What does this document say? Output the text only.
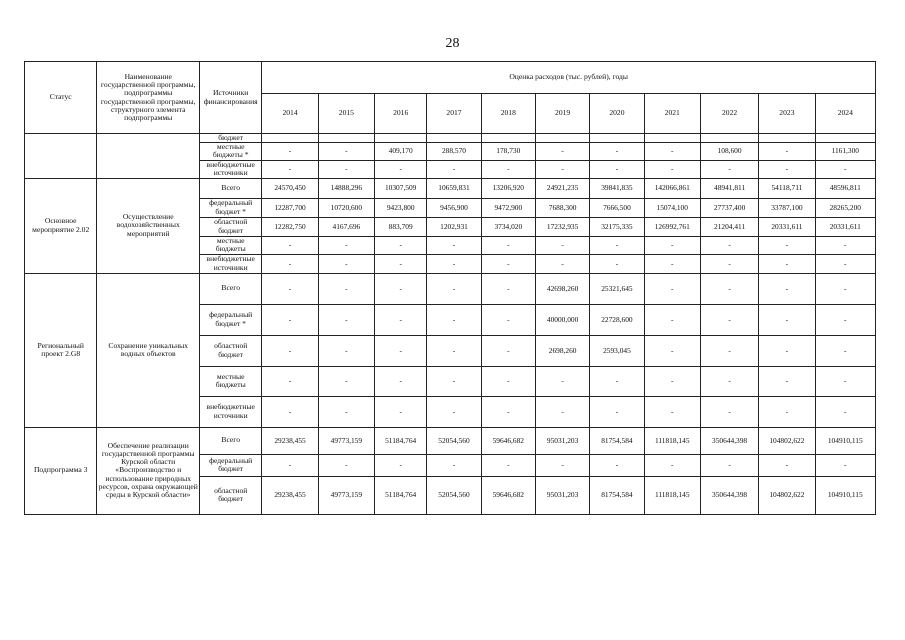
28
Статус	Наименование государственной программы, подпрограммы государственной программы, структурного элемента подпрограммы	Источники финансирования	Оценка расходов (тыс. рублей), годы										
			2014	2015	2016	2017	2018	2019	2020	2021	2022	2023	2024
		бюджет											
		местные бюджеты *	-	-	409,170	288,570	178,730	-	-	-	108,600	-	1161,300
		внебюджетные источники	-	-	-	-	-	-	-	-	-	-	-
Основное мероприятие 2.02	Осуществление водохозяйственных мероприятий	Всего	24570,450	14888,296	10307,509	10659,831	13206,920	24921,235	39841,835	142066,861	48941,811	54118,711	48596,811
		федеральный бюджет *	12287,700	10720,600	9423,800	9456,900	9472,900	7688,300	7666,500	15074,100	27737,400	33787,100	28265,200
		областной бюджет	12282,750	4167,696	883,709	1202,931	3734,020	17232,935	32175,335	126992,761	21204,411	20331,611	20331,611
		местные бюджеты	-	-	-	-	-	-	-	-	-	-	-
		внебюджетные источники	-	-	-	-	-	-	-	-	-	-	-
Региональный проект 2.G8	Сохранение уникальных водных объектов	Всего	-	-	-	-	-	42698,260	25321,645	-	-	-	-
		федеральный бюджет *	-	-	-	-	-	40000,000	22728,600	-	-	-	-
		областной бюджет	-	-	-	-	-	2698,260	2593,045	-	-	-	-
		местные бюджеты	-	-	-	-	-	-	-	-	-	-	-
		внебюджетные источники	-	-	-	-	-	-	-	-	-	-	-
Подпрограмма 3	Обеспечение реализации государственной программы Курской области «Воспроизводство и использование природных ресурсов, охрана окружающей среды в Курской области»	Всего	29238,455	49773,159	51184,764	52054,560	59646,682	95031,203	81754,584	111818,145	350644,398	104802,622	104910,115
		федеральный бюджет	-	-	-	-	-	-	-	-	-	-	-
		областной бюджет	29238,455	49773,159	51184,764	52054,560	59646,682	95031,203	81754,584	111818,145	350644,398	104802,622	104910,115
